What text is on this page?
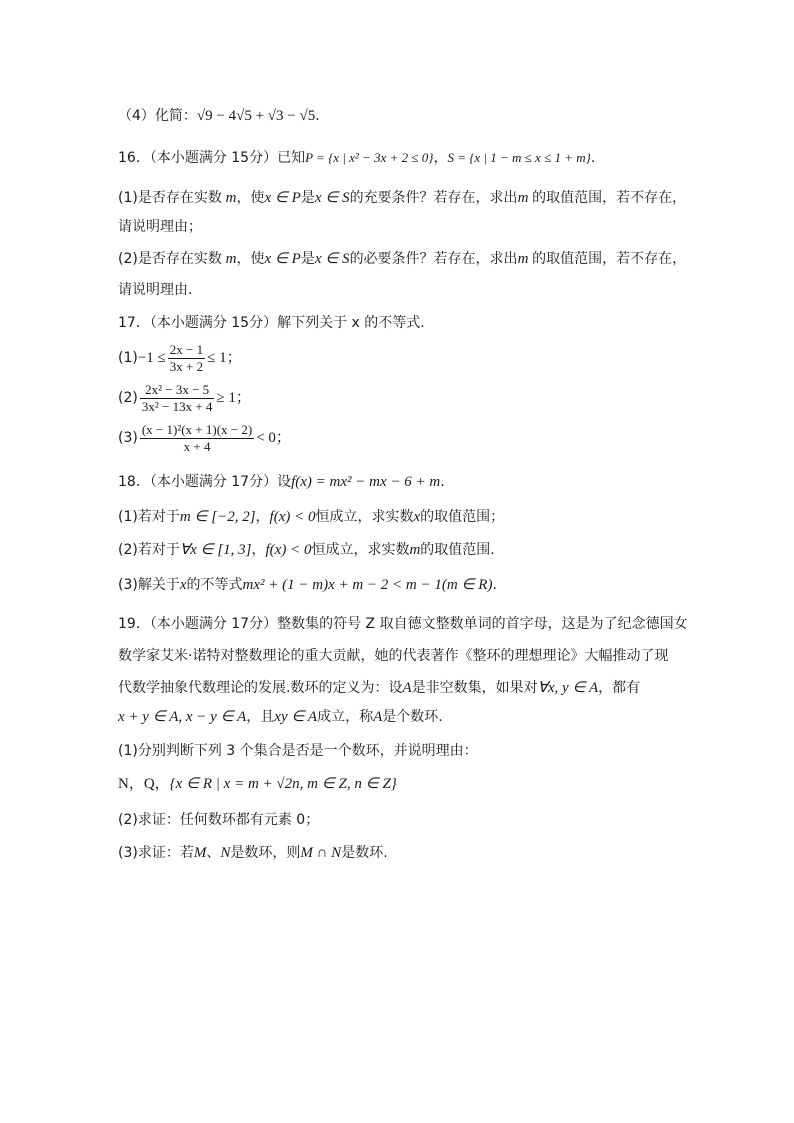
（4）化简：√9 − 4√5 + √3 − √5.
16．（本小题满分 15分）已知P = {x | x² − 3x + 2 ≤ 0}，S = {x | 1 − m ≤ x ≤ 1 + m}.
(1)是否存在实数 m，使x ∈ P是x ∈ S的充要条件？若存在，求出m 的取值范围，若不存在，
请说明理由；
(2)是否存在实数 m，使x ∈ P是x ∈ S的必要条件？若存在，求出m 的取值范围，若不存在，
请说明理由.
17．（本小题满分 15分）解下列关于 x 的不等式.
$(1)-1 \le \frac{2x - 1}{3x + 2} \le 1$；
$(2) \frac{\text{2x² − 3x − 5}}{\text{3x² − 13x + 4}} \ge 1$；
$(3) \frac{\text{(x − 1)²(x + 1)(x − 2)}}{x + 4} < 0$；
18．（本小题满分 17分）设f(x) = mx² − mx − 6 + m.
(1)若对于m ∈ [−2, 2]，f(x) < 0恒成立，求实数x的取值范围；
(2)若对于∀x ∈ [1, 3]，f(x) < 0恒成立，求实数m的取值范围.
(3)解关于x的不等式mx² + (1 − m)x + m − 2 < m − 1(m ∈ R).
19．（本小题满分 17分）整数集的符号 Z 取自德文整数单词的首字母，这是为了纪念德国女
数学家艾米·诺特对整数理论的重大贡献，她的代表著作《整环的理想理论》大幅推动了现
代数学抽象代数理论的发展.数环的定义为：设A是非空数集，如果对∀x, y ∈ A，都有
x + y ∈ A, x − y ∈ A，且xy ∈ A成立，称A是个数环.
(1)分别判断下列 3 个集合是否是一个数环，并说明理由：
N，Q，{x ∈ R | x = m + √2n, m ∈ Z, n ∈ Z}
(2)求证：任何数环都有元素 0；
(3)求证：若M、N是数环，则M ∩ N是数环.
